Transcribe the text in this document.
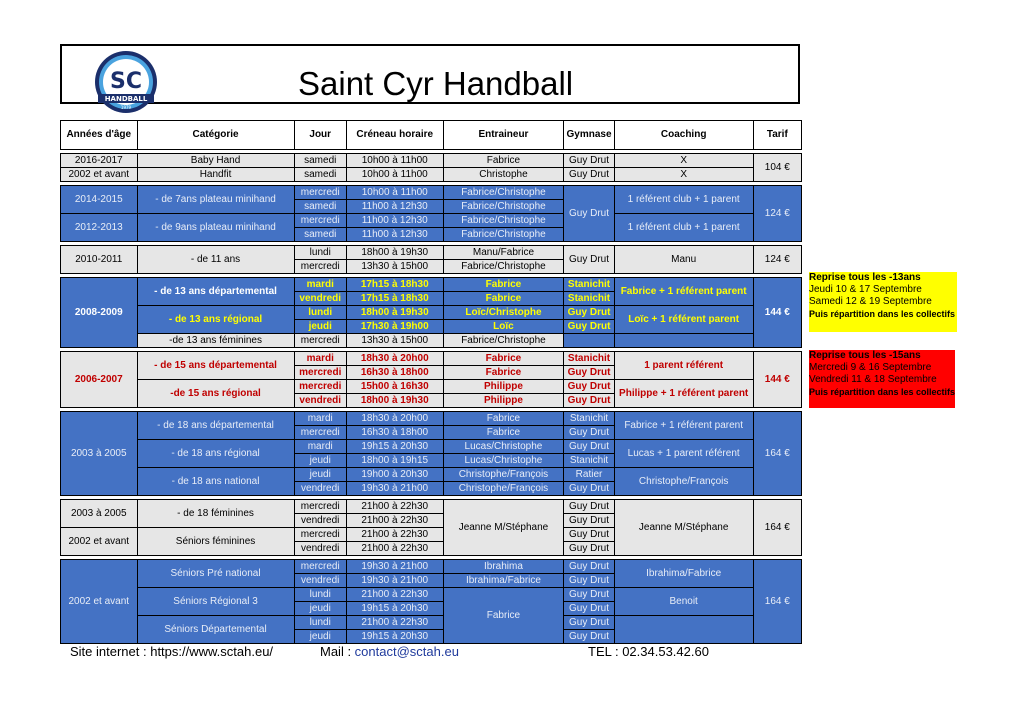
SC
HANDBALL
1979
Saint Cyr Handball
Années d'âge	Catégorie	Jour	Créneau horaire	Entraineur	Gymnase	Coaching	Tarif

2016-2017	Baby Hand	samedi	10h00 à 11h00	Fabrice	Guy Drut	X	104 €
2002 et avant	Handfit	samedi	10h00 à 11h00	Christophe	Guy Drut	X	

2014-2015	- de 7ans plateau minihand	mercredi	10h00 à 11h00	Fabrice/Christophe	Guy Drut	1 référent club + 1 parent	124 €
		samedi	11h00 à 12h30	Fabrice/Christophe			
2012-2013	- de 9ans plateau minihand	mercredi	11h00 à 12h30	Fabrice/Christophe		1 référent club + 1 parent	
		samedi	11h00 à 12h30	Fabrice/Christophe			

2010-2011	- de 11 ans	lundi	18h00 à 19h30	Manu/Fabrice	Guy Drut	Manu	124 €
		mercredi	13h30 à 15h00	Fabrice/Christophe			

2008-2009	- de 13 ans départemental	mardi	17h15 à 18h30	Fabrice	Stanichit	Fabrice + 1 référent parent	144 €
		vendredi	17h15 à 18h30	Fabrice	Stanichit		
	- de 13 ans régional	lundi	18h00 à 19h30	Loïc/Christophe	Guy Drut	Loïc + 1 référent parent	
		jeudi	17h30 à 19h00	Loïc	Guy Drut		
	-de 13 ans féminines	mercredi	13h30 à 15h00	Fabrice/Christophe			

2006-2007	- de 15 ans départemental	mardi	18h30 à 20h00	Fabrice	Stanichit	1 parent référent	144 €
		mercredi	16h30 à 18h00	Fabrice	Guy Drut		
	-de 15 ans régional	mercredi	15h00 à 16h30	Philippe	Guy Drut	Philippe + 1 référent parent	
		vendredi	18h00 à 19h30	Philippe	Guy Drut		

2003 à 2005	- de 18 ans départemental	mardi	18h30 à 20h00	Fabrice	Stanichit	Fabrice + 1 référent parent	164 €
		mercredi	16h30 à 18h00	Fabrice	Guy Drut		
	- de 18 ans régional	mardi	19h15 à 20h30	Lucas/Christophe	Guy Drut	Lucas + 1 parent référent	
		jeudi	18h00 à 19h15	Lucas/Christophe	Stanichit		
	- de 18 ans national	jeudi	19h00 à 20h30	Christophe/François	Ratier	Christophe/François	
		vendredi	19h30 à 21h00	Christophe/François	Guy Drut		

2003 à 2005	- de 18 féminines	mercredi	21h00 à 22h30	Jeanne M/Stéphane	Guy Drut	Jeanne M/Stéphane	164 €
		vendredi	21h00 à 22h30		Guy Drut		
2002 et avant	Séniors féminines	mercredi	21h00 à 22h30		Guy Drut		
		vendredi	21h00 à 22h30		Guy Drut		

2002 et avant	Séniors Pré national	mercredi	19h30 à 21h00	Ibrahima	Guy Drut	Ibrahima/Fabrice	164 €
		vendredi	19h30 à 21h00	Ibrahima/Fabrice	Guy Drut		
	Séniors Régional 3	lundi	21h00 à 22h30	Fabrice	Guy Drut	Benoit	
		jeudi	19h15 à 20h30		Guy Drut		
	Séniors Départemental	lundi	21h00 à 22h30		Guy Drut		
		jeudi	19h15 à 20h30		Guy Drut		
Reprise tous les -13ans
Jeudi 10 & 17 Septembre
Samedi 12 & 19 Septembre
Puis répartition dans les collectifs
Reprise tous les -15ans
Mercredi 9 & 16 Septembre
Vendredi 11 & 18 Septembre
Puis répartition dans les collectifs
Site internet : https://www.sctah.eu/	Mail : contact@sctah.eu	TEL : 02.34.53.42.60
